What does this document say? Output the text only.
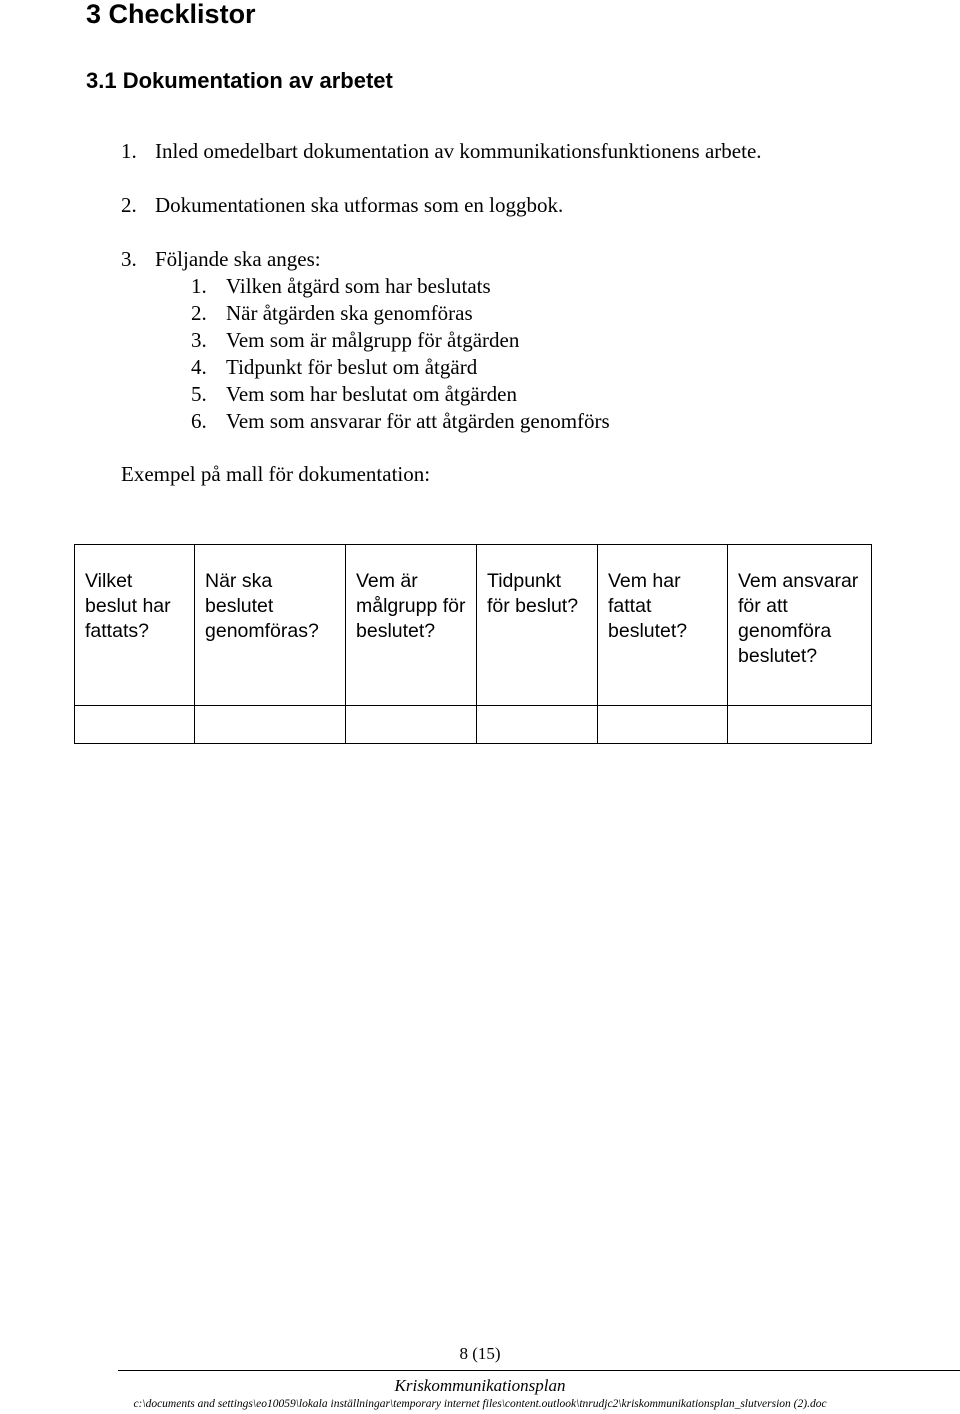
3 Checklistor
3.1 Dokumentation av arbetet
1. Inled omedelbart dokumentation av kommunikationsfunktionens arbete.
2. Dokumentationen ska utformas som en loggbok.
3. Följande ska anges:
1. Vilken åtgärd som har beslutats
2. När åtgärden ska genomföras
3. Vem som är målgrupp för åtgärden
4. Tidpunkt för beslut om åtgärd
5. Vem som har beslutat om åtgärden
6. Vem som ansvarar för att åtgärden genomförs
Exempel på mall för dokumentation:
Vilket beslut har fattats?	När ska beslutet genomföras?	Vem är målgrupp för beslutet?	Tidpunkt för beslut?	Vem har fattat beslutet?	Vem ansvarar för att genomföra beslutet?

8 (15)
Kriskommunikationsplan
c:\documents and settings\eo10059\lokala inställningar\temporary internet files\content.outlook\tnrudjc2\kriskommunikationsplan_slutversion (2).doc
